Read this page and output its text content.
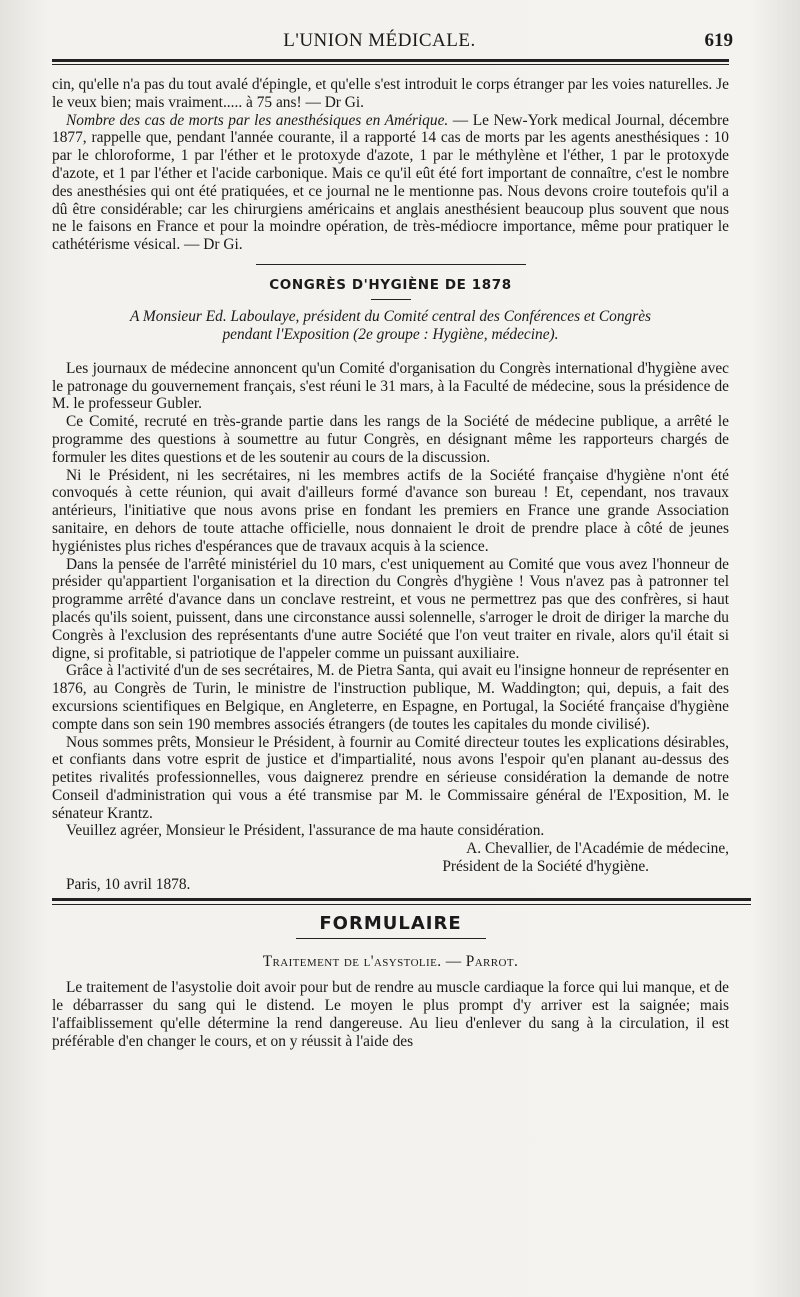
L'UNION MÉDICALE.	619

cin, qu'elle n'a pas du tout avalé d'épingle, et qu'elle s'est introduit le corps étranger par les voies naturelles. Je le veux bien; mais vraiment..... à 75 ans! — Dr Gi.

Nombre des cas de morts par les anesthésiques en Amérique. — Le New-York medical Journal, décembre 1877, rappelle que, pendant l'année courante, il a rapporté 14 cas de morts par les agents anesthésiques : 10 par le chloroforme, 1 par l'éther et le protoxyde d'azote, 1 par le méthylène et l'éther, 1 par le protoxyde d'azote, et 1 par l'éther et l'acide carbonique. Mais ce qu'il eût été fort important de connaître, c'est le nombre des anesthésies qui ont été pratiquées, et ce journal ne le mentionne pas. Nous devons croire toutefois qu'il a dû être considérable; car les chirurgiens américains et anglais anesthésient beaucoup plus souvent que nous ne le faisons en France et pour la moindre opération, de très-médiocre importance, même pour pratiquer le cathétérisme vésical. — Dr Gi.

CONGRÈS D'HYGIÈNE DE 1878
A Monsieur Ed. Laboulaye, président du Comité central des Conférences et Congrès
pendant l'Exposition (2e groupe : Hygiène, médecine).

Les journaux de médecine annoncent qu'un Comité d'organisation du Congrès international d'hygiène avec le patronage du gouvernement français, s'est réuni le 31 mars, à la Faculté de médecine, sous la présidence de M. le professeur Gubler.

Ce Comité, recruté en très-grande partie dans les rangs de la Société de médecine publique, a arrêté le programme des questions à soumettre au futur Congrès, en désignant même les rapporteurs chargés de formuler les dites questions et de les soutenir au cours de la discussion.

Ni le Président, ni les secrétaires, ni les membres actifs de la Société française d'hygiène n'ont été convoqués à cette réunion, qui avait d'ailleurs formé d'avance son bureau ! Et, cependant, nos travaux antérieurs, l'initiative que nous avons prise en fondant les premiers en France une grande Association sanitaire, en dehors de toute attache officielle, nous donnaient le droit de prendre place à côté de jeunes hygiénistes plus riches d'espérances que de travaux acquis à la science.

Dans la pensée de l'arrêté ministériel du 10 mars, c'est uniquement au Comité que vous avez l'honneur de présider qu'appartient l'organisation et la direction du Congrès d'hygiène ! Vous n'avez pas à patronner tel programme arrêté d'avance dans un conclave restreint, et vous ne permettrez pas que des confrères, si haut placés qu'ils soient, puissent, dans une circonstance aussi solennelle, s'arroger le droit de diriger la marche du Congrès à l'exclusion des représentants d'une autre Société que l'on veut traiter en rivale, alors qu'il était si digne, si profitable, si patriotique de l'appeler comme un puissant auxiliaire.

Grâce à l'activité d'un de ses secrétaires, M. de Pietra Santa, qui avait eu l'insigne honneur de représenter en 1876, au Congrès de Turin, le ministre de l'instruction publique, M. Waddington; qui, depuis, a fait des excursions scientifiques en Belgique, en Angleterre, en Espagne, en Portugal, la Société française d'hygiène compte dans son sein 190 membres associés étrangers (de toutes les capitales du monde civilisé).

Nous sommes prêts, Monsieur le Président, à fournir au Comité directeur toutes les explications désirables, et confiants dans votre esprit de justice et d'impartialité, nous avons l'espoir qu'en planant au-dessus des petites rivalités professionnelles, vous daignerez prendre en sérieuse considération la demande de notre Conseil d'administration qui vous a été transmise par M. le Commissaire général de l'Exposition, M. le sénateur Krantz.

Veuillez agréer, Monsieur le Président, l'assurance de ma haute considération.

A. Chevallier, de l'Académie de médecine,

Président de la Société d'hygiène.

Paris, 10 avril 1878.

FORMULAIRE
Traitement de l'asystolie. — Parrot.

Le traitement de l'asystolie doit avoir pour but de rendre au muscle cardiaque la force qui lui manque, et de le débarrasser du sang qui le distend. Le moyen le plus prompt d'y arriver est la saignée; mais l'affaiblissement qu'elle détermine la rend dangereuse. Au lieu d'enlever du sang à la circulation, il est préférable d'en changer le cours, et on y réussit à l'aide des
